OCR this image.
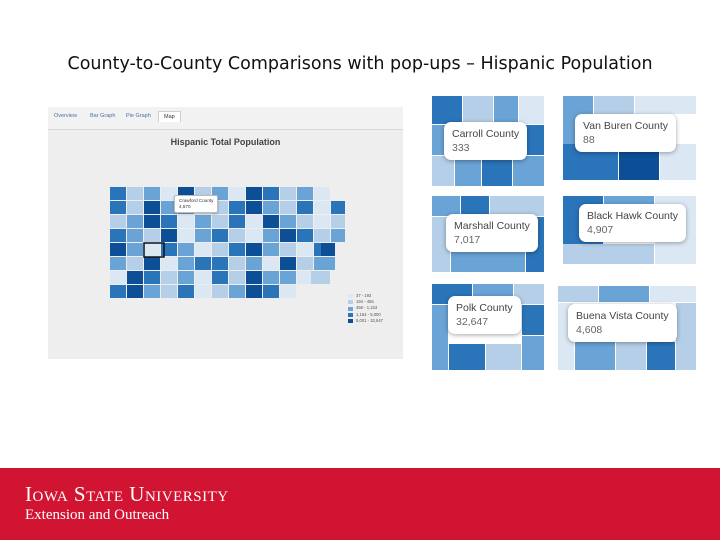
County-to-County Comparisons with pop-ups – Hispanic Population
Overview Bar Graph Pie Graph	Map
Hispanic Total Population
Crawford County
4,570
37 - 193
194 - 455
456 - 1,153
1,154 - 5,000
5,001 - 32,647
Carroll County
333
Van Buren County
88
Marshall County
7,017
Black Hawk County
4,907
Polk County
32,647
Buena Vista County
4,608
Iowa State University
Extension and Outreach
